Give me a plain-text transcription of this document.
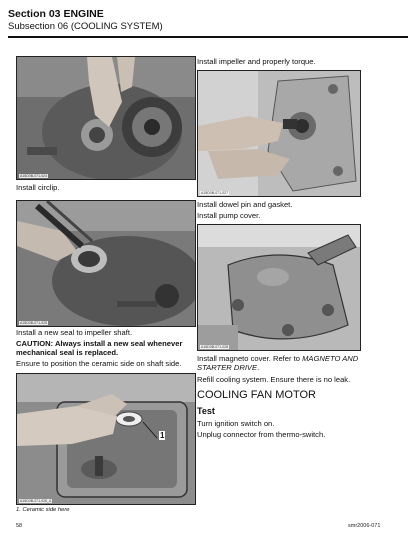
Section 03 ENGINE
Subsection 06 (COOLING SYSTEM)
A15D0B-071-024
Install circlip.
A15D0B-071-025
Install a new seal to impeller shaft.
CAUTION: Always install a new seal whenever
mechanical seal is replaced.
Ensure to position the ceramic side on shaft side.
1
A15D0B-071-026_A
1. Ceramic side here
Install impeller and properly torque.
A15D0B-071-027
Install dowel pin and gasket.
Install pump cover.
A15D0B-071-028
Install magneto cover. Refer to MAGNETO AND
STARTER DRIVE.
Refill cooling system. Ensure there is no leak.
COOLING FAN MOTOR
Test
Turn ignition switch on.
Unplug connector from thermo-switch.
58	smr2006-071
